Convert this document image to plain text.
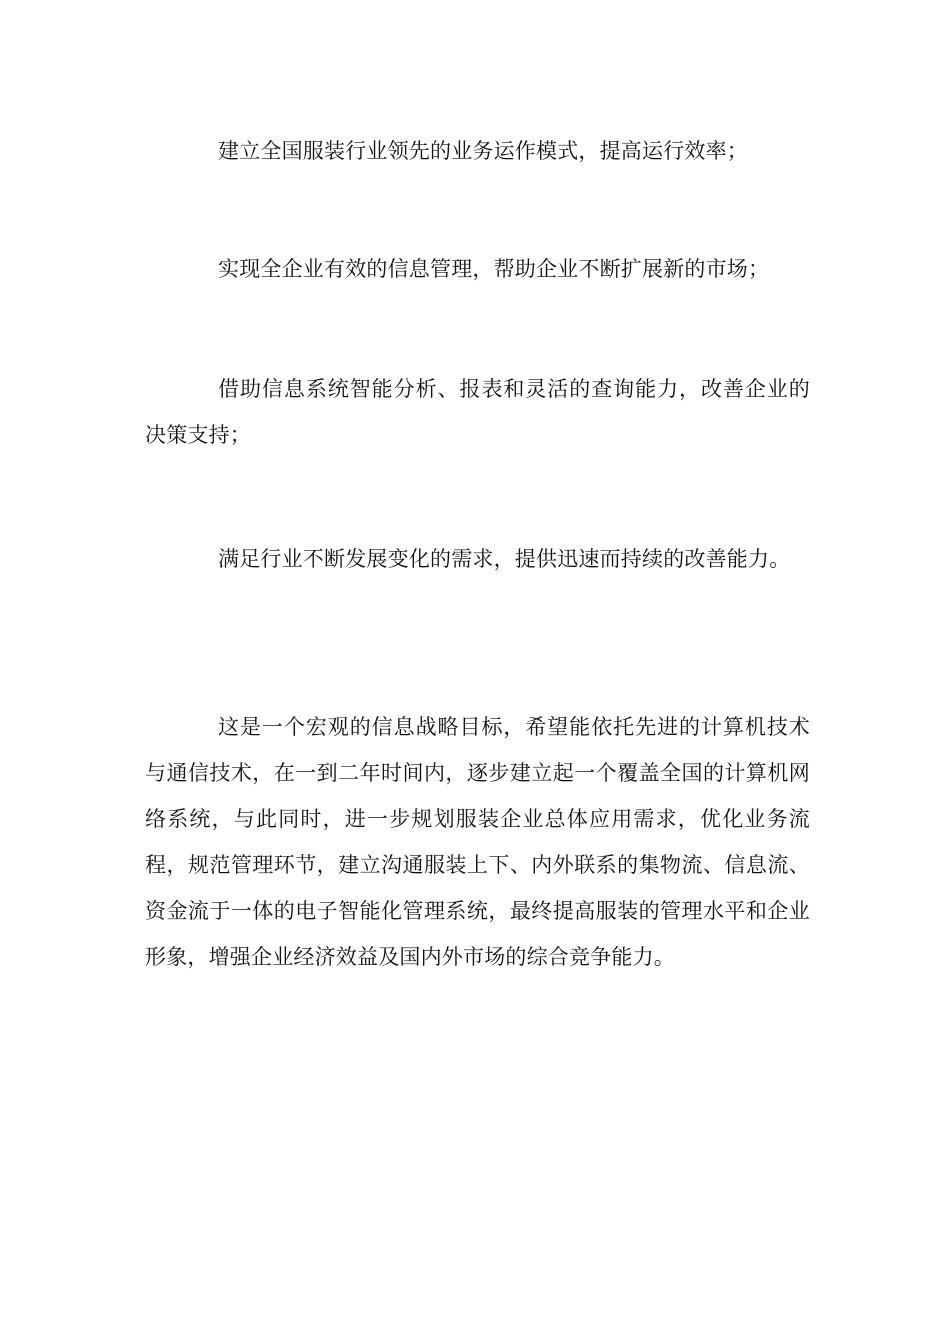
建立全国服装行业领先的业务运作模式，提高运行效率；

实现全企业有效的信息管理，帮助企业不断扩展新的市场；

借助信息系统智能分析、报表和灵活的查询能力，改善企业的决策支持；

满足行业不断发展变化的需求，提供迅速而持续的改善能力。

这是一个宏观的信息战略目标，希望能依托先进的计算机技术与通信技术，在一到二年时间内，逐步建立起一个覆盖全国的计算机网络系统，与此同时，进一步规划服装企业总体应用需求，优化业务流程，规范管理环节，建立沟通服装上下、内外联系的集物流、信息流、资金流于一体的电子智能化管理系统，最终提高服装的管理水平和企业形象，增强企业经济效益及国内外市场的综合竞争能力。
